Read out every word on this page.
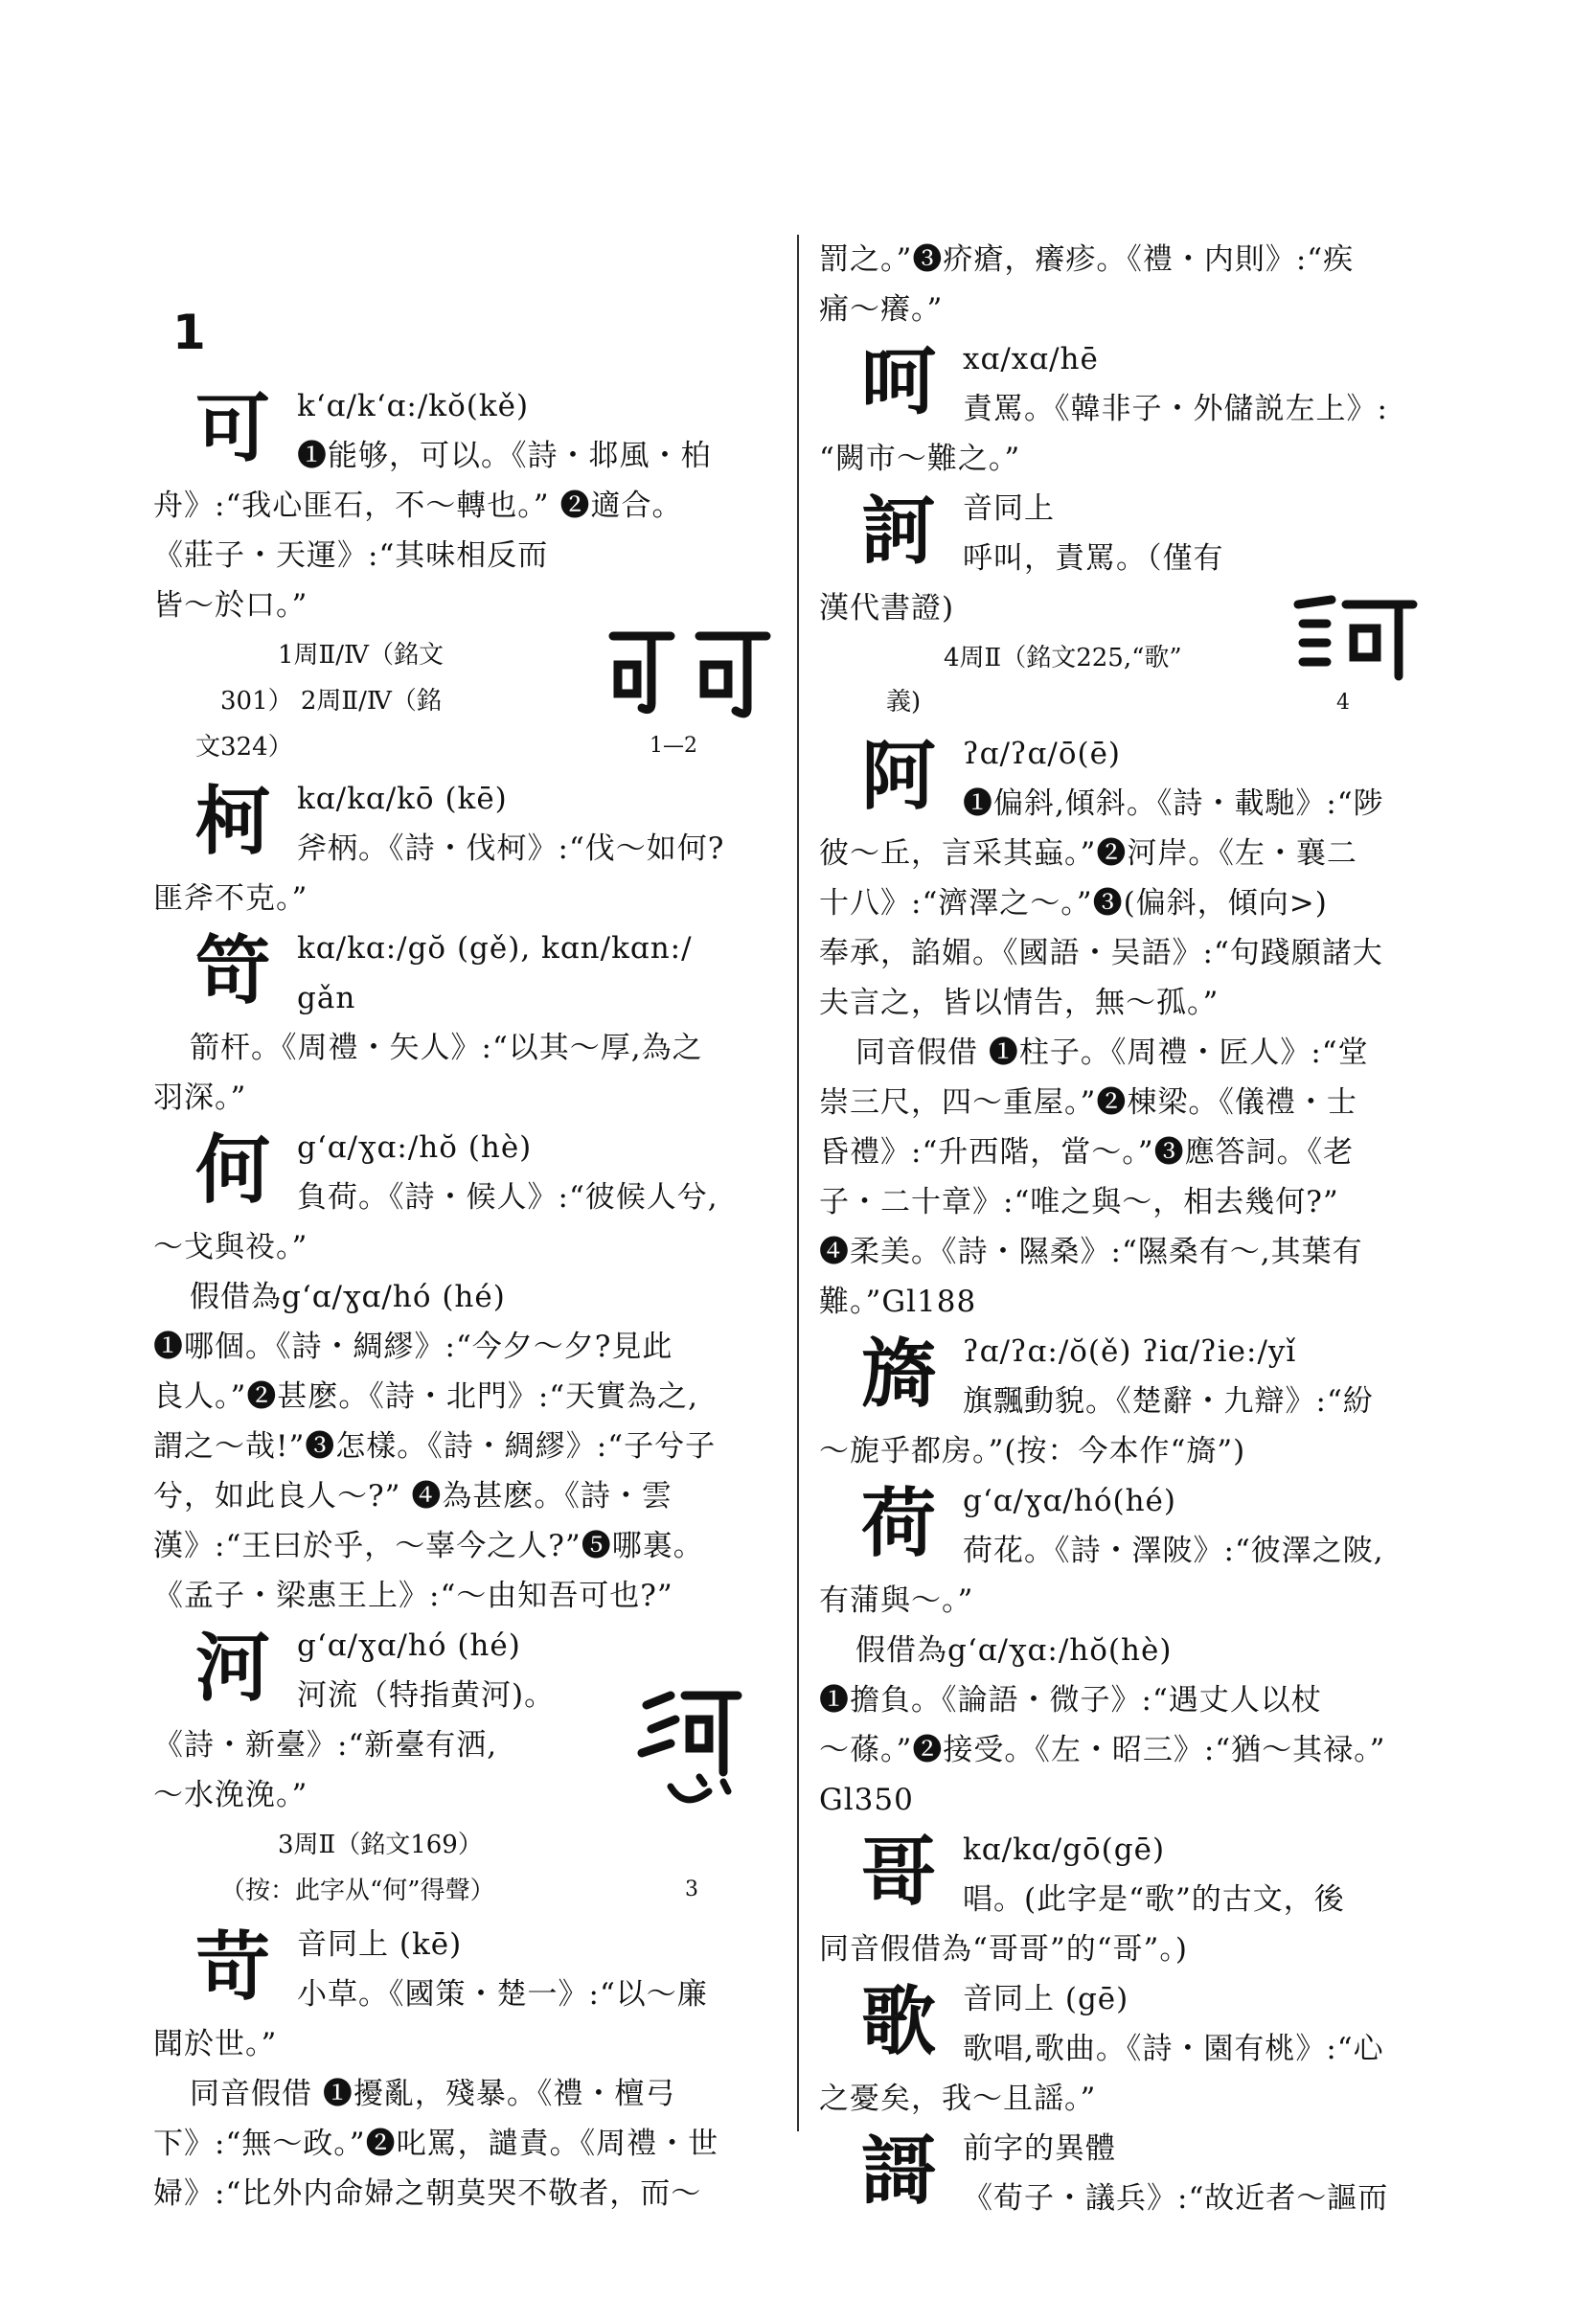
1
可 k‘ɑ/k‘ɑ:/kŏ(kě)
❶能够，可以。《詩・邶風・柏
舟》:“我心匪石，不～轉也。” ❷適合。
《莊子・天運》:“其味相反而
皆～於口。”
1周Ⅱ/Ⅳ（銘文
301） 2周Ⅱ/Ⅳ（銘
文324）	1—2
柯 kɑ/kɑ/kō (kē)
斧柄。《詩・伐柯》:“伐～如何?
匪斧不克。”
笴 kɑ/kɑ:/gŏ (gě), kɑn/kɑn:/
gǎn
箭杆。《周禮・矢人》:“以其～厚,為之
羽深。”
何 g‘ɑ/ɣɑ:/hŏ (hè)
負荷。《詩・候人》:“彼候人兮,
～戈與祋。”
假借為g‘ɑ/ɣɑ/hó (hé)
❶哪個。《詩・綢繆》:“今夕～夕?見此
良人。”❷甚麽。《詩・北門》:“天實為之,
謂之～哉!”❸怎樣。《詩・綢繆》:“子兮子
兮，如此良人～?” ❹為甚麽。《詩・雲
漢》:“王曰於乎，～辜今之人?”❺哪裏。
《孟子・梁惠王上》:“～由知吾可也?”
河 g‘ɑ/ɣɑ/hó (hé)
河流（特指黄河)。
《詩・新臺》:“新臺有洒,
～水浼浼。”
3周Ⅱ（銘文169）
（按：此字从“何”得聲）	3
苛 音同上 (kē)
小草。《國策・楚一》:“以～廉
聞於世。”
同音假借 ❶擾亂，殘暴。《禮・檀弓
下》:“無～政。”❷叱罵，譴責。《周禮・世
婦》:“比外内命婦之朝莫哭不敬者，而～
罰之。”❸疥瘡，癢疹。《禮・内則》:“疾
痛～癢。”
呵 xɑ/xɑ/hē
責罵。《韓非子・外儲説左上》:
“闕市～難之。”
訶 音同上
呼叫，責罵。（僅有
漢代書證)
4周Ⅱ（銘文225,“歌”
義)	4
阿 ʔɑ/ʔɑ/ō(ē)
❶偏斜,傾斜。《詩・載馳》:“陟
彼～丘，言采其蝱。”❷河岸。《左・襄二
十八》:“濟澤之～。”❸(偏斜，傾向>)
奉承，諂媚。《國語・吴語》:“句踐願諸大
夫言之，皆以情告，無～孤。”
同音假借 ❶柱子。《周禮・匠人》:“堂
崇三尺，四～重屋。”❷棟梁。《儀禮・士
昏禮》:“升西階，當～。”❸應答詞。《老
子・二十章》:“唯之與～，相去幾何?”
❹柔美。《詩・隰桑》:“隰桑有～,其葉有
難。”Gl188
旖 ʔɑ/ʔɑ:/ŏ(ě) ʔiɑ/ʔie:/yǐ
旗飄動貌。《楚辭・九辯》:“紛
～旎乎都房。”(按：今本作“旖”)
荷 g‘ɑ/ɣɑ/hó(hé)
荷花。《詩・澤陂》:“彼澤之陂,
有蒲與～。”
假借為g‘ɑ/ɣɑ:/hŏ(hè)
❶擔負。《論語・微子》:“遇丈人以杖
～蓧。”❷接受。《左・昭三》:“猶～其禄。”
Gl350
哥 kɑ/kɑ/gō(gē)
唱。(此字是“歌”的古文，後
同音假借為“哥哥”的“哥”。)
歌 音同上 (gē)
歌唱,歌曲。《詩・園有桃》:“心
之憂矣，我～且謡。”
謌 前字的異體
《荀子・議兵》:“故近者～謳而
